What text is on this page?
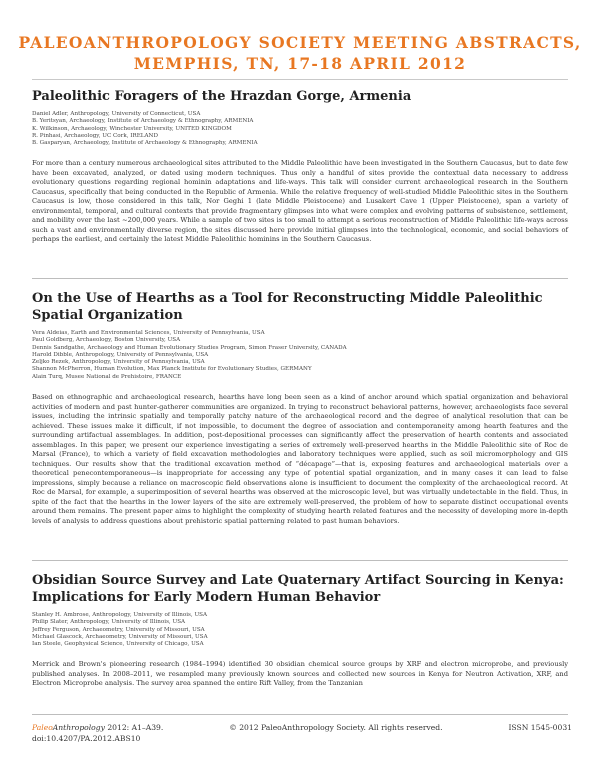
PALEOANTHROPOLOGY SOCIETY MEETING ABSTRACTS,
MEMPHIS, TN, 17-18 APRIL 2012
Paleolithic Foragers of the Hrazdan Gorge, Armenia
Daniel Adler, Anthropology, University of Connecticut, USA
B. Yeritsyan, Archaeology, Institute of Archaeology & Ethnography, ARMENIA
K. Wilkinson, Archaeology, Winchester University, UNITED KINGDOM
R. Pinhasi, Archaeology, UC Cork, IRELAND
B. Gasparyan, Archaeology, Institute of Archaeology & Ethnography, ARMENIA

For more than a century numerous archaeological sites attributed to the Middle Paleolithic have been investigated in the Southern Caucasus, but to date few have been excavated, analyzed, or dated using modern techniques. Thus only a handful of sites provide the contextual data necessary to address evolutionary questions regarding regional hominin adaptations and life-ways. This talk will consider current archaeological research in the Southern Caucasus, specifically that being conducted in the Republic of Armenia. While the relative frequency of well-studied Middle Paleolithic sites in the Southern Caucasus is low, those considered in this talk, Nor Geghi 1 (late Middle Pleistocene) and Lusakert Cave 1 (Upper Pleistocene), span a variety of environmental, temporal, and cultural contexts that provide fragmentary glimpses into what were complex and evolving patterns of subsistence, settlement, and mobility over the last ~200,000 years. While a sample of two sites is too small to attempt a serious reconstruction of Middle Paleolithic life-ways across such a vast and environmentally diverse region, the sites discussed here provide initial glimpses into the technological, economic, and social behaviors of perhaps the earliest, and certainly the latest Middle Paleolithic hominins in the Southern Caucasus.

On the Use of Hearths as a Tool for Reconstructing Middle Paleolithic Spatial Organization
Vera Aldeias, Earth and Environmental Sciences, University of Pennsylvania, USA
Paul Goldberg, Archaeology, Boston University, USA
Dennis Sandgathe, Archaeology and Human Evolutionary Studies Program, Simon Fraser University, CANADA
Harold Dibble, Anthropology, University of Pennsylvania, USA
Zeljko Rezek, Anthropology, University of Pennsylvania, USA
Shannon McPherron, Human Evolution, Max Planck Institute for Evolutionary Studies, GERMANY
Alain Turq, Musee National de Prehistoire, FRANCE

Based on ethnographic and archaeological research, hearths have long been seen as a kind of anchor around which spatial organization and behavioral activities of modern and past hunter-gatherer communities are organized. In trying to reconstruct behavioral patterns, however, archaeologists face several issues, including the intrinsic spatially and temporally patchy nature of the archaeological record and the degree of analytical resolution that can be achieved. These issues make it difficult, if not impossible, to document the degree of association and contemporaneity among hearth features and the surrounding artifactual assemblages. In addition, post-depositional processes can significantly affect the preservation of hearth contents and associated assemblages. In this paper, we present our experience investigating a series of extremely well-preserved hearths in the Middle Paleolithic site of Roc de Marsal (France), to which a variety of field excavation methodologies and laboratory techniques were applied, such as soil micromorphology and GIS techniques. Our results show that the traditional excavation method of “décapage”—that is, exposing features and archaeological materials over a theoretical penecontemporaneous—is inappropriate for accessing any type of potential spatial organization, and in many cases it can lead to false impressions, simply because a reliance on macroscopic field observations alone is insufficient to document the complexity of the archaeological record. At Roc de Marsal, for example, a superimposition of several hearths was observed at the microscopic level, but was virtually undetectable in the field. Thus, in spite of the fact that the hearths in the lower layers of the site are extremely well-preserved, the problem of how to separate distinct occupational events around them remains. The present paper aims to highlight the complexity of studying hearth related features and the necessity of developing more in-depth levels of analysis to address questions about prehistoric spatial patterning related to past human behaviors.

Obsidian Source Survey and Late Quaternary Artifact Sourcing in Kenya: Implications for Early Modern Human Behavior
Stanley H. Ambrose, Anthropology, University of Illinois, USA
Philip Slater, Anthropology, University of Illinois, USA
Jeffrey Ferguson, Archaeometry, University of Missouri, USA
Michael Glascock, Archaeometry, University of Missouri, USA
Ian Steele, Geophysical Science, University of Chicago, USA

Merrick and Brown's pioneering research (1984–1994) identified 30 obsidian chemical source groups by XRF and electron microprobe, and previously published analyses. In 2008–2011, we resampled many previously known sources and collected new sources in Kenya for Neutron Activation, XRF, and Electron Microprobe analysis. The survey area spanned the entire Rift Valley, from the Tanzanian

PaleoAnthropology 2012: A1–A39.	© 2012 PaleoAnthropology Society. All rights reserved.	ISSN 1545-0031
doi:10.4207/PA.2012.ABS10
